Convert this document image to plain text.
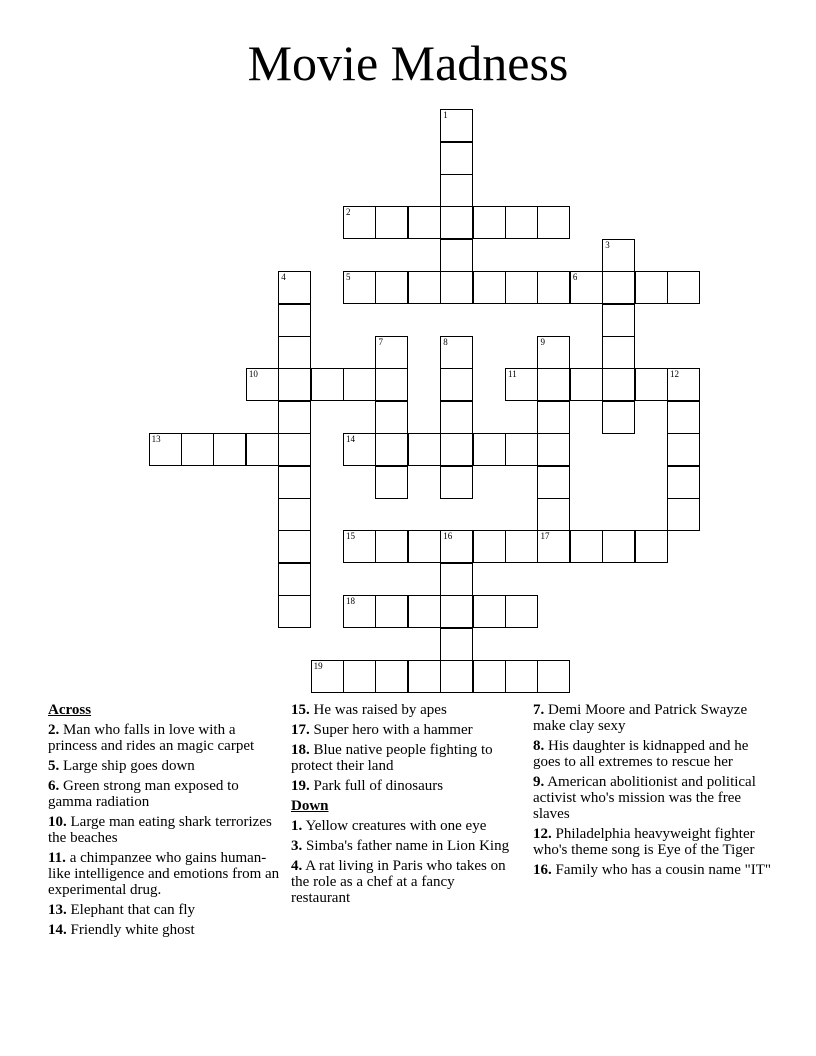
Movie Madness
1
2
3
4	5	6
7	8	9
17
10	11	12
13	14
15	16
18
19
Across
2. Man who falls in love with a princess and rides an magic carpet
5. Large ship goes down
6. Green strong man exposed to gamma radiation
10. Large man eating shark terrorizes the beaches
11. a chimpanzee who gains human-like intelligence and emotions from an experimental drug.
13. Elephant that can fly
14. Friendly white ghost
15. He was raised by apes
17. Super hero with a hammer
18. Blue native people fighting to protect their land
19. Park full of dinosaurs
Down
1. Yellow creatures with one eye
3. Simba's father name in Lion King
4. A rat living in Paris who takes on the role as a chef at a fancy restaurant
7. Demi Moore and Patrick Swayze make clay sexy
8. His daughter is kidnapped and he goes to all extremes to rescue her
9. American abolitionist and political activist who's mission was the free slaves
12. Philadelphia heavyweight fighter who's theme song is Eye of the Tiger
16. Family who has a cousin name "IT"
